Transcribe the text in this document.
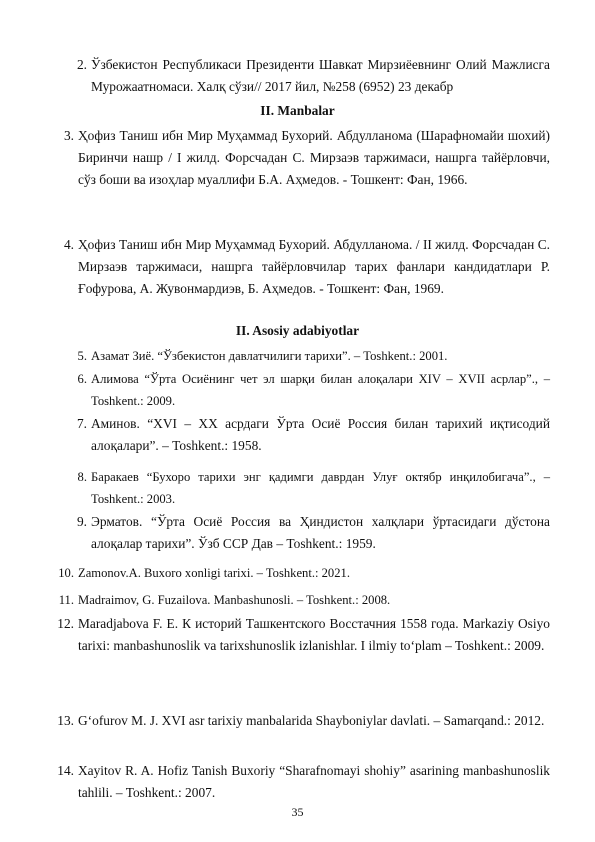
2. Ўзбекистон Республикаси Президенти Шавкат Мирзиёевнинг Олий Мажлисга Мурожаатномаси. Халқ сўзи// 2017 йил, №258 (6952) 23 декабр
II. Manbalar
3. Ҳофиз Таниш ибн Мир Муҳаммад Бухорий. Абдулланома (Шарафномайи шохий) Биринчи нашр / I жилд. Форсчадан С. Мирзаэв таржимаси, нашрга тайёрловчи, сўз боши ва изоҳлар муаллифи Б.А. Аҳмедов. - Тошкент: Фан, 1966.
4. Ҳофиз Таниш ибн Мир Муҳаммад Бухорий. Абдулланома. / II жилд. Форсчадан С. Мирзаэв таржимаси, нашрга тайёрловчилар тарих фанлари кандидатлари Р. Ғофурова, А. Жувонмардиэв, Б. Аҳмедов. - Тошкент: Фан, 1969.
II. Asosiy adabiyotlar
5. Азамат Зиё. “Ўзбекистон давлатчилиги тарихи”. – Toshkent.: 2001.
6. Алимова “Ўрта Осиёнинг чет эл шарқи билан алоқалари XIV – XVII асрлар”., – Toshkent.: 2009.
7. Аминов. “XVI – XX асрдаги Ўрта Осиё Россия билан тарихий иқтисодий алоқалари”. – Toshkent.: 1958.
8. Баракаев “Бухоро тарихи энг қадимги даврдан Улуғ октябр инқилобигача”., – Toshkent.: 2003.
9. Эрматов. “Ўрта Осиё Россия ва Ҳиндистон халқлари ўртасидаги дўстона алоқалар тарихи”. Ўзб ССР Дав – Toshkent.: 1959.
10. Zamonov.A. Buxoro xonligi tarixi. – Toshkent.: 2021.
11. Madraimov, G. Fuzailova. Manbashunosli. – Toshkent.: 2008.
12. Maradjabova F. E. К историй Ташкентского Восстачния 1558 года. Markaziy Osiyo tarixi: manbashunoslik va tarixshunoslik izlanishlar. I ilmiy to‘plam – Toshkent.: 2009.
13. G‘ofurov M. J. XVI asr tarixiy manbalarida Shayboniylar davlati. – Samarqand.: 2012.
14. Xayitov R. A. Hofiz Tanish Buxoriy “Sharafnomayi shohiy” asarining manbashunoslik tahlili. – Toshkent.: 2007.
35
